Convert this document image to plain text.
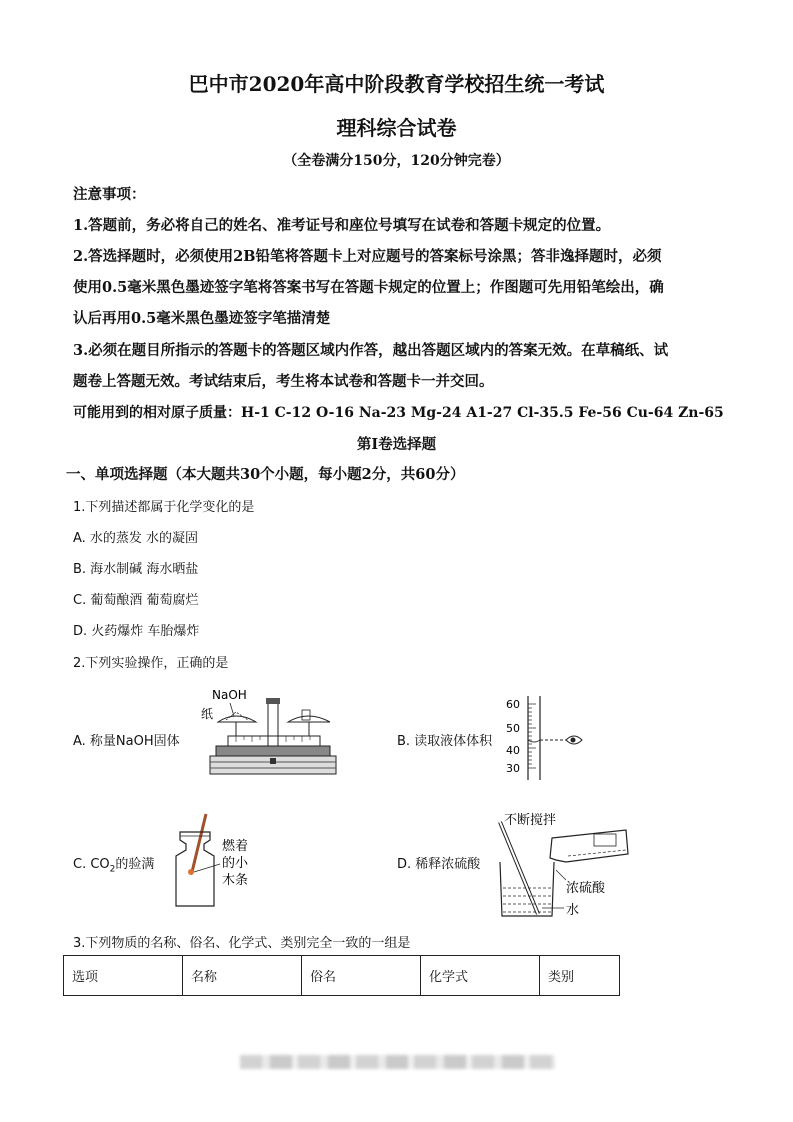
巴中市2020年高中阶段教育学校招生统一考试
理科综合试卷
（全卷满分150分，120分钟完卷）
注意事项：
1.答题前，务必将自己的姓名、准考证号和座位号填写在试卷和答题卡规定的位置。
2.答选择题时，必须使用2B铅笔将答题卡上对应题号的答案标号涂黑；答非逸择题时，必须
使用0.5毫米黑色墨迹签字笔将答案书写在答题卡规定的位置上；作图题可先用铅笔绘出，确
认后再用0.5毫米黑色墨迹签字笔描清楚
3.必须在题目所指示的答题卡的答题区域内作答，越出答题区域内的答案无效。在草稿纸、试
题卷上答题无效。考试结束后，考生将本试卷和答题卡一并交回。
可能用到的相对原子质量：H-1 C-12 O-16 Na-23 Mg-24 A1-27 Cl-35.5 Fe-56 Cu-64 Zn-65
第Ⅰ卷选择题
一、单项选择题（本大题共30个小题，每小题2分，共60分）
1.下列描述都属于化学变化的是
A. 水的蒸发 水的凝固
B. 海水制碱 海水晒盐
C. 葡萄酿酒 葡萄腐烂
D. 火药爆炸 车胎爆炸
2.下列实验操作，正确的是
A. 称量NaOH固体
NaOH
纸
B. 读取液体体积
60
50
40
30
C. $CO_2$的验满
燃着
的小
木条
D. 稀释浓硫酸
不断搅拌
浓硫酸
水
3.下列物质的名称、俗名、化学式、类别完全一致的一组是
选项	名称	俗名	化学式	类别
